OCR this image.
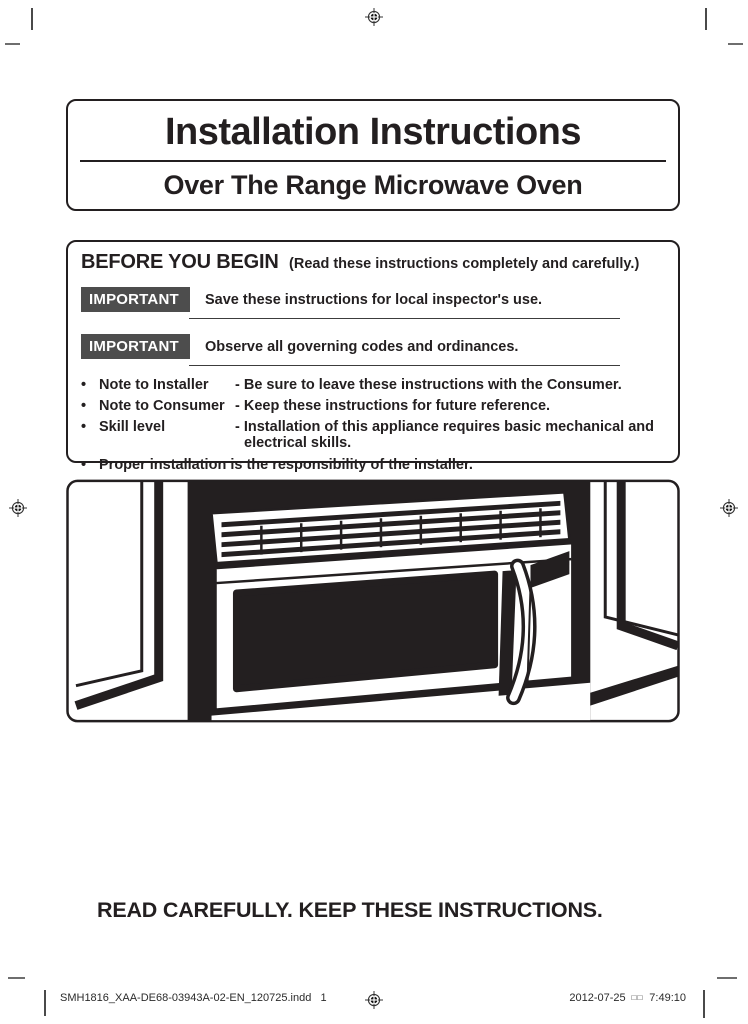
Installation Instructions
Over The Range Microwave Oven
BEFORE YOU BEGIN (Read these instructions completely and carefully.)
IMPORTANT	Save these instructions for local inspector's use.
IMPORTANT	Observe all governing codes and ordinances.
• Note to Installer	- Be sure to leave these instructions with the Consumer.
• Note to Consumer - Keep these instructions for future reference.
• Skill level	- Installation of this appliance requires basic mechanical and electrical skills.
• Proper installation is the responsibility of the installer.
READ CAREFULLY. KEEP THESE INSTRUCTIONS.
SMH1816_XAA-DE68-03943A-02-EN_120725.indd   1	2012-07-25 □□ 7:49:10
